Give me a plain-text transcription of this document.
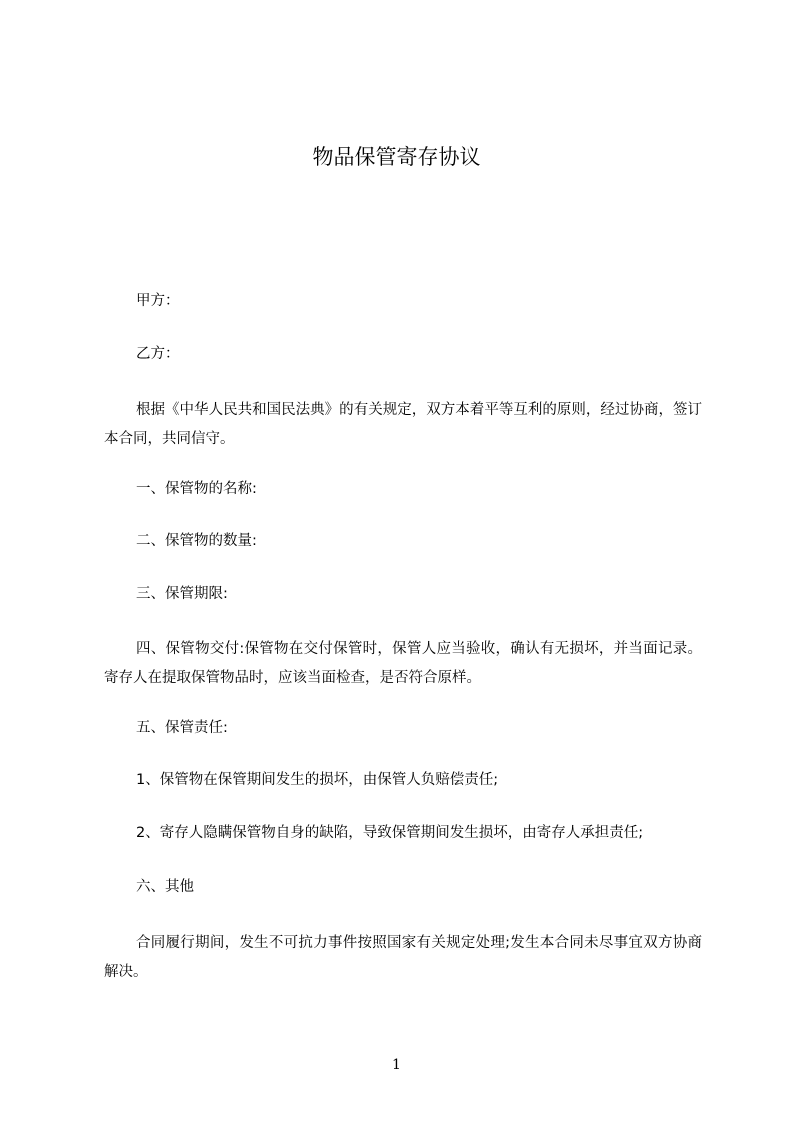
物品保管寄存协议
甲方：
乙方：
根据《中华人民共和国民法典》的有关规定，双方本着平等互利的原则，经过协商，签订本合同，共同信守。
一、保管物的名称:
二、保管物的数量:
三、保管期限:
四、保管物交付:保管物在交付保管时，保管人应当验收，确认有无损坏，并当面记录。寄存人在提取保管物品时，应该当面检查，是否符合原样。
五、保管责任:
1、保管物在保管期间发生的损坏，由保管人负赔偿责任;
2、寄存人隐瞒保管物自身的缺陷，导致保管期间发生损坏，由寄存人承担责任;
六、其他
合同履行期间，发生不可抗力事件按照国家有关规定处理;发生本合同未尽事宜双方协商解决。
1
